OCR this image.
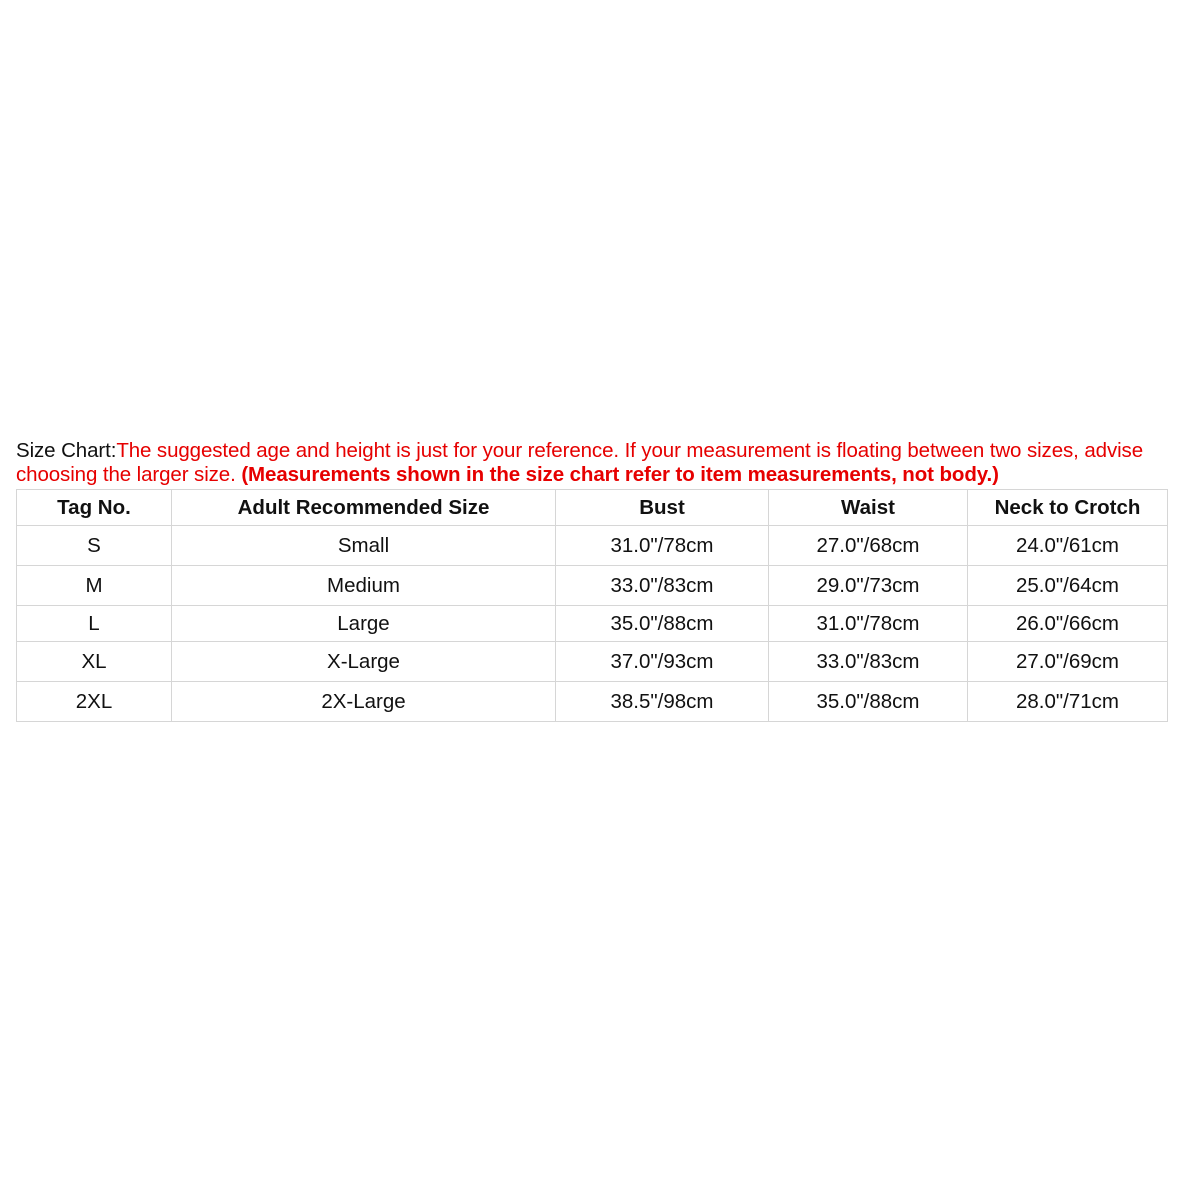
Size Chart:The suggested age and height is just for your reference. If your measurement is floating between two sizes, advise choosing the larger size. (Measurements shown in the size chart refer to item measurements, not body.)
Tag No.	Adult Recommended Size	Bust	Waist	Neck to Crotch
S	Small	31.0"/78cm	27.0"/68cm	24.0"/61cm
M	Medium	33.0"/83cm	29.0"/73cm	25.0"/64cm
L	Large	35.0"/88cm	31.0"/78cm	26.0"/66cm
XL	X-Large	37.0"/93cm	33.0"/83cm	27.0"/69cm
2XL	2X-Large	38.5"/98cm	35.0"/88cm	28.0"/71cm
